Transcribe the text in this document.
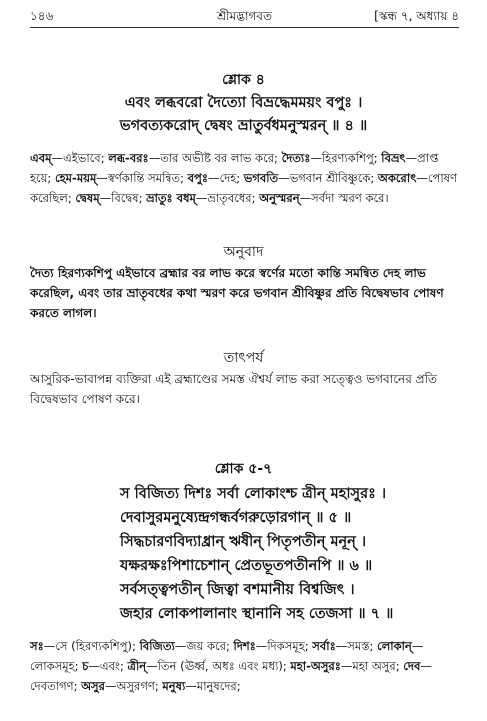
১৪৬	শ্রীমদ্ভাগবত	[স্কন্ধ ৭, অধ্যায় ৪
শ্লোক ৪
এবং লব্ধবরো দৈত্যো বিভ্রদ্ধেমময়ং বপুঃ ।
ভগবত্যকরোদ্ দ্বেষং ভ্রাতুর্বধমনুস্মরন্ ॥ ৪ ॥
এবম্—এইভাবে; লব্ধ-বরঃ—তার অভীষ্ট বর লাভ করে; দৈত্যঃ—হিরণ্যকশিপু; বিভ্রৎ—প্রাপ্ত হয়ে; হেম-ময়ম্—স্বর্ণকান্তি সমন্বিত; বপুঃ—দেহ; ভগবতি—ভগবান শ্রীবিষ্ণুকে; অকরোৎ—পোষণ করেছিল; দ্বেষম্—বিদ্বেষ; ভ্রাতুঃ বধম্—ভ্রাতৃবধের; অনুস্মরন্—সর্বদা স্মরণ করে।
অনুবাদ
দৈত্য হিরণ্যকশিপু এইভাবে ব্রহ্মার বর লাভ করে স্বর্ণের মতো কান্তি সমন্বিত দেহ লাভ করেছিল, এবং তার ভ্রাতৃবধের কথা স্মরণ করে ভগবান শ্রীবিষ্ণুর প্রতি বিদ্বেষভাব পোষণ করতে লাগল।
তাৎপর্য
আসুরিক-ভাবাপন্ন ব্যক্তিরা এই ব্রহ্মাণ্ডের সমস্ত ঐশ্বর্য লাভ করা সত্ত্বেও ভগবানের প্রতি বিদ্বেষভাব পোষণ করে।
শ্লোক ৫-৭
স বিজিত্য দিশঃ সর্বা লোকাংশ্চ ত্রীন্ মহাসুরঃ ।
দেবাসুরমনুষ্যেন্দ্রগন্ধর্বগরুড়োরগান্ ॥ ৫ ॥
সিদ্ধচারণবিদ্যাধ্রান্ ঋষীন্ পিতৃপতীন্ মনূন্ ।
যক্ষরক্ষঃপিশাচেশান্ প্রেতভূতপতীনপি ॥ ৬ ॥
সর্বসত্ত্বপতীন্ জিত্বা বশমানীয় বিশ্বজিৎ ।
জহার লোকপালানাং স্থানানি সহ তেজসা ॥ ৭ ॥
সঃ—সে (হিরণ্যকশিপু); বিজিত্য—জয় করে; দিশঃ—দিকসমূহ; সর্বাঃ—সমস্ত; লোকান্—লোকসমূহ; চ—এবং; ত্রীন্—তিন (ঊর্ধ্ব, অধঃ এবং মধ্য); মহা-অসুরঃ—মহা অসুর; দেব—দেবতাগণ; অসুর—অসুরগণ; মনুষ্য—মানুষদের;
